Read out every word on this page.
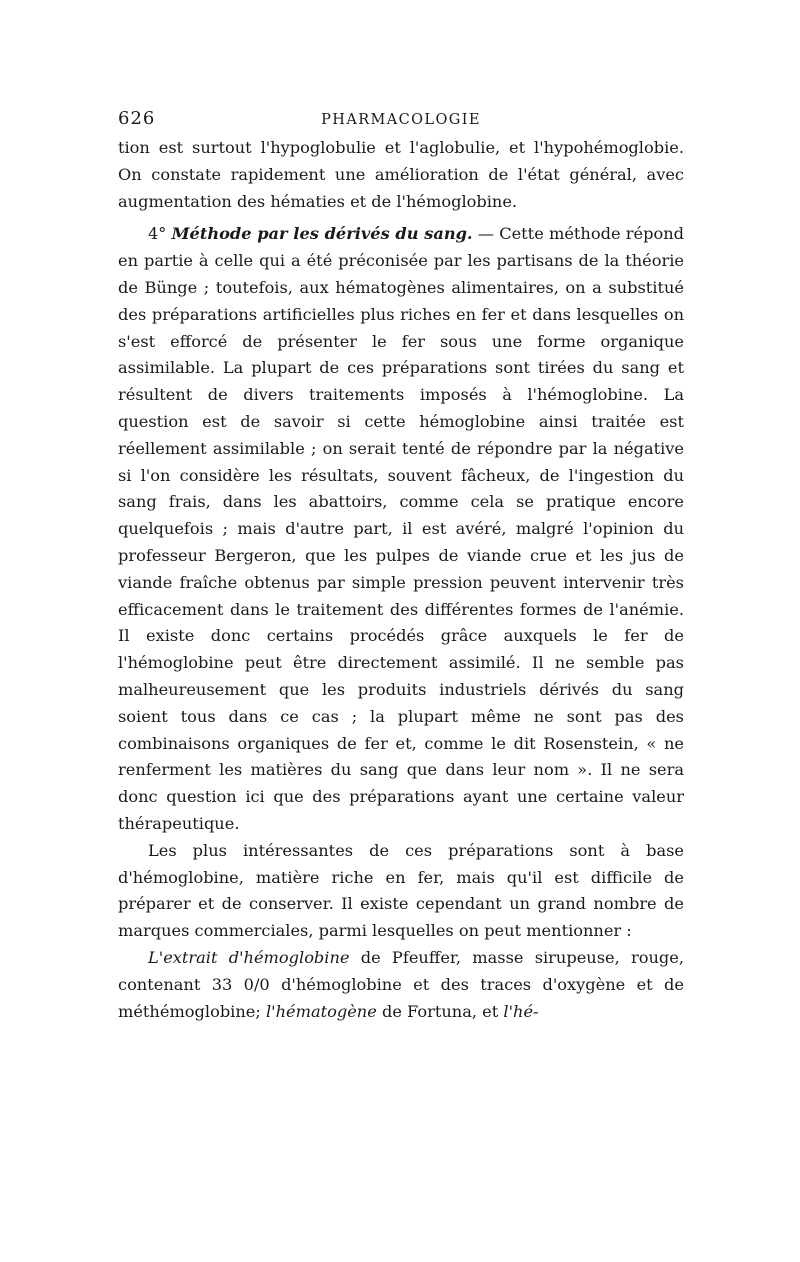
626	PHARMACOLOGIE

tion est surtout l'hypoglobulie et l'aglobulie, et l'hypohémoglobie. On constate rapidement une amélioration de l'état général, avec augmentation des hématies et de l'hémoglobine.

4° Méthode par les dérivés du sang. — Cette méthode répond en partie à celle qui a été préconisée par les partisans de la théorie de Bünge ; toutefois, aux hématogènes alimentaires, on a substitué des préparations artificielles plus riches en fer et dans lesquelles on s'est efforcé de présenter le fer sous une forme organique assimilable. La plupart de ces préparations sont tirées du sang et résultent de divers traitements imposés à l'hémoglobine. La question est de savoir si cette hémoglobine ainsi traitée est réellement assimilable ; on serait tenté de répondre par la négative si l'on considère les résultats, souvent fâcheux, de l'ingestion du sang frais, dans les abattoirs, comme cela se pratique encore quelquefois ; mais d'autre part, il est avéré, malgré l'opinion du professeur Bergeron, que les pulpes de viande crue et les jus de viande fraîche obtenus par simple pression peuvent intervenir très efficacement dans le traitement des différentes formes de l'anémie. Il existe donc certains procédés grâce auxquels le fer de l'hémoglobine peut être directement assimilé. Il ne semble pas malheureusement que les produits industriels dérivés du sang soient tous dans ce cas ; la plupart même ne sont pas des combinaisons organiques de fer et, comme le dit Rosenstein, « ne renferment les matières du sang que dans leur nom ». Il ne sera donc question ici que des préparations ayant une certaine valeur thérapeutique.

Les plus intéressantes de ces préparations sont à base d'hémoglobine, matière riche en fer, mais qu'il est difficile de préparer et de conserver. Il existe cependant un grand nombre de marques commerciales, parmi lesquelles on peut mentionner :

L'extrait d'hémoglobine de Pfeuffer, masse sirupeuse, rouge, contenant 33 0/0 d'hémoglobine et des traces d'oxygène et de méthémoglobine; l'hématogène de Fortuna, et l'hé-
